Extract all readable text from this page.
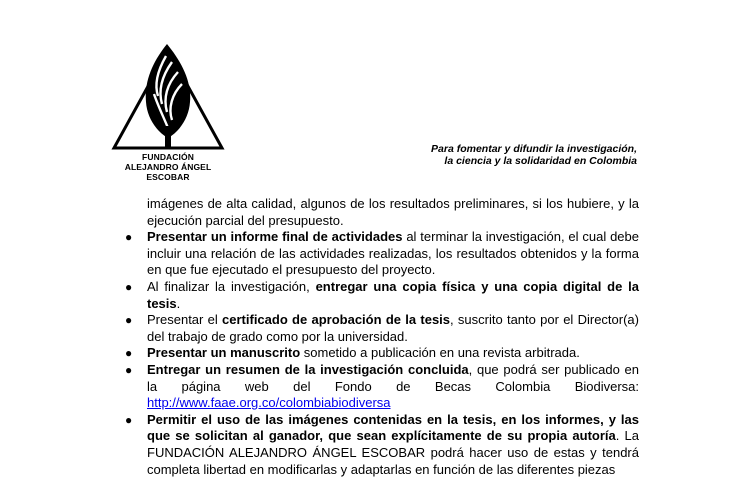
FUNDACIÓN
ALEJANDRO ÁNGEL ESCOBAR
Para fomentar y difundir la investigación,
la ciencia y la solidaridad en Colombia

imágenes de alta calidad, algunos de los resultados preliminares, si los hubiere, y la ejecución parcial del presupuesto.

● Presentar un informe final de actividades al terminar la investigación, el cual debe incluir una relación de las actividades realizadas, los resultados obtenidos y la forma en que fue ejecutado el presupuesto del proyecto.
● Al finalizar la investigación, entregar una copia física y una copia digital de la tesis.
● Presentar el certificado de aprobación de la tesis, suscrito tanto por el Director(a) del trabajo de grado como por la universidad.
● Presentar un manuscrito sometido a publicación en una revista arbitrada.
● Entregar un resumen de la investigación concluida, que podrá ser publicado en la página web del Fondo de Becas Colombia Biodiversa: http://www.faae.org.co/colombiabiodiversa
● Permitir el uso de las imágenes contenidas en la tesis, en los informes, y las que se solicitan al ganador, que sean explícitamente de su propia autoría. La FUNDACIÓN ALEJANDRO ÁNGEL ESCOBAR podrá hacer uso de estas y tendrá completa libertad en modificarlas y adaptarlas en función de las diferentes piezas
